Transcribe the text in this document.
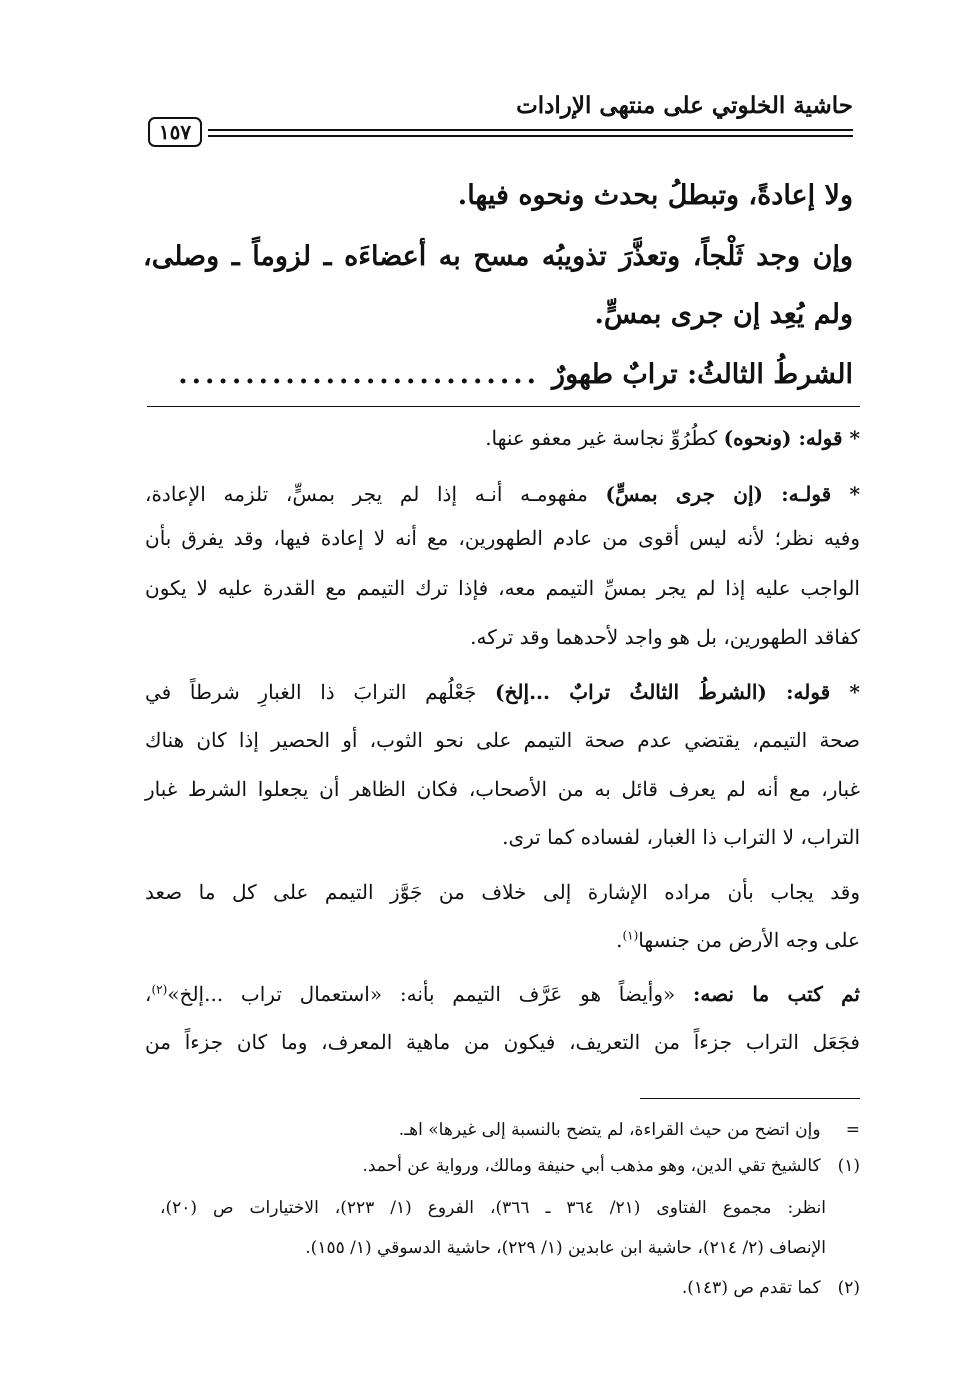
حاشية الخلوتي على منتهى الإرادات
١٥٧
ولا إعادةً، وتبطلُ بحدث ونحوه فيها.
وإن وجد ثَلْجاً، وتعذَّرَ تذويبُه مسح به أعضاءَه ـ لزوماً ـ وصلى،
ولم يُعِد إن جرى بمسٍّ.
الشرطُ الثالثُ: ترابٌ طهورٌ
...........................
* قوله: (ونحوه) كطُرُوِّ نجاسة غير معفو عنها.
* قولـه: (إن جرى بمسٍّ) مفهومـه أنـه إذا لم يجر بمسٍّ، تلزمه الإعادة،
وفيه نظر؛ لأنه ليس أقوى من عادم الطهورين، مع أنه لا إعادة فيها، وقد يفرق بأن
الواجب عليه إذا لم يجر بمسِّ التيمم معه، فإذا ترك التيمم مع القدرة عليه لا يكون
كفاقد الطهورين، بل هو واجد لأحدهما وقد تركه.
* قوله: (الشرطُ الثالثُ ترابٌ ...إلخ) جَعْلُهم الترابَ ذا الغبارِ شرطاً في
صحة التيمم، يقتضي عدم صحة التيمم على نحو الثوب، أو الحصير إذا كان هناك
غبار، مع أنه لم يعرف قائل به من الأصحاب، فكان الظاهر أن يجعلوا الشرط غبار
التراب، لا التراب ذا الغبار، لفساده كما ترى.
وقد يجاب بأن مراده الإشارة إلى خلاف من جَوَّز التيمم على كل ما صعد
على وجه الأرض من جنسها$^{(١)}$.
ثم كتب ما نصه: «وأيضاً هو عَرَّف التيمم بأنه: «استعمال تراب ...إلخ»$^{(٢)}$،
فجَعَل التراب جزءاً من التعريف، فيكون من ماهية المعرف، وما كان جزءاً من
= وإن اتضح من حيث القراءة، لم يتضح بالنسبة إلى غيرها» اهـ.
(١) كالشيخ تقي الدين، وهو مذهب أبي حنيفة ومالك، ورواية عن أحمد.
انظر: مجموع الفتاوى (٢١/ ٣٦٤ ـ ٣٦٦)، الفروع (١/ ٢٢٣)، الاختيارات ص (٢٠)،
الإنصاف (٢/ ٢١٤)، حاشية ابن عابدين (١/ ٢٢٩)، حاشية الدسوقي (١/ ١٥٥).
(٢) كما تقدم ص (١٤٣).
